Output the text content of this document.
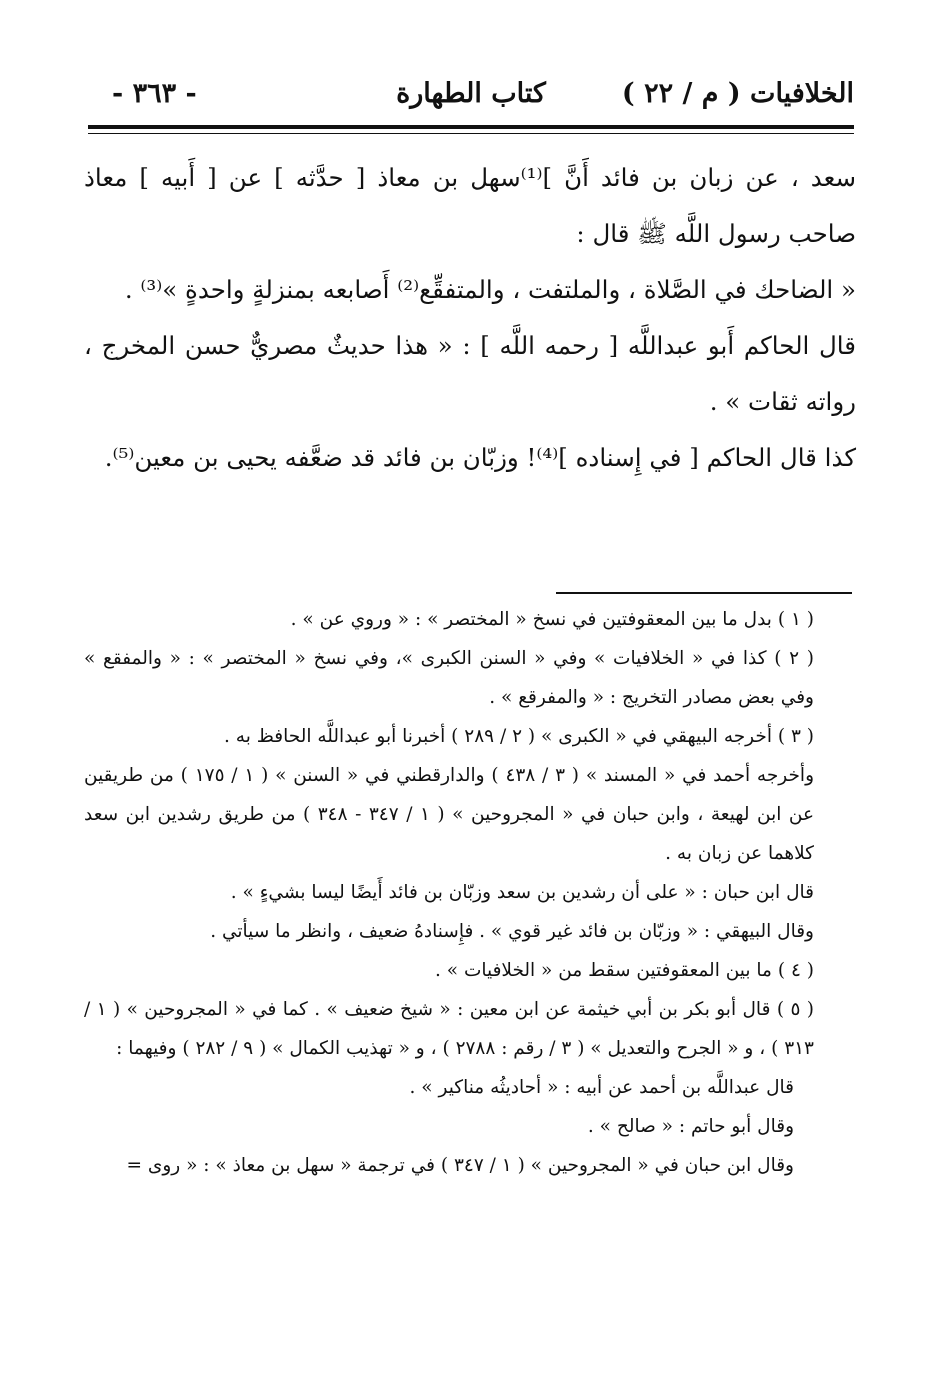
الخلافيات ( م / ٢٢ )
كتاب الطهارة
- ٣٦٣ -

سعد ، عن زبان بن فائد أَنَّ ]⁽¹⁾سهل بن معاذ [ حدَّثه ] عن [ أَبيه ] معاذ صاحب رسول اللَّه ﷺ قال :

« الضاحك في الصَّلاة ، والملتفت ، والمتفقِّع⁽²⁾ أَصابعه بمنزلةٍ واحدةٍ »⁽³⁾ .

قال الحاكم أَبو عبداللَّه [ رحمه اللَّه ] : « هذا حديثٌ مصريٌّ حسن المخرج ، رواته ثقات » .

كذا قال الحاكم [ في إِسناده ]⁽⁴⁾! وزبّان بن فائد قد ضعَّفه يحيى بن معين⁽⁵⁾.

( ١ ) بدل ما بين المعقوفتين في نسخ « المختصر » : « وروي عن » .

( ٢ ) كذا في « الخلافيات » وفي « السنن الكبرى »، وفي نسخ « المختصر » : « والمفقع » وفي بعض مصادر التخريج : « والمفرقع » .

( ٣ ) أخرجه البيهقي في « الكبرى » ( ٢ / ٢٨٩ ) أخبرنا أبو عبداللَّه الحافظ به .

وأخرجه أحمد في « المسند » ( ٣ / ٤٣٨ ) والدارقطني في « السنن » ( ١ / ١٧٥ ) من طريقين عن ابن لهيعة ، وابن حبان في « المجروحين » ( ١ / ٣٤٧ - ٣٤٨ ) من طريق رشدين ابن سعد كلاهما عن زبان به .

قال ابن حبان : « على أن رشدين بن سعد وزبّان بن فائد أَيضًا ليسا بشيءٍ » .

وقال البيهقي : « وزبّان بن فائد غير قوي » . فإِسنادهُ ضعيف ، وانظر ما سيأتي .

( ٤ ) ما بين المعقوفتين سقط من « الخلافيات » .

( ٥ ) قال أبو بكر بن أبي خيثمة عن ابن معين : « شيخ ضعيف » . كما في « المجروحين » ( ١ / ٣١٣ ) ، و « الجرح والتعديل » ( ٣ / رقم : ٢٧٨٨ ) ، و « تهذيب الكمال » ( ٩ / ٢٨٢ ) وفيهما :

قال عبداللَّه بن أحمد عن أبيه : « أحاديثُه مناكير » .

وقال أبو حاتم : « صالح » .

وقال ابن حبان في « المجروحين » ( ١ / ٣٤٧ ) في ترجمة « سهل بن معاذ » : « روى =
